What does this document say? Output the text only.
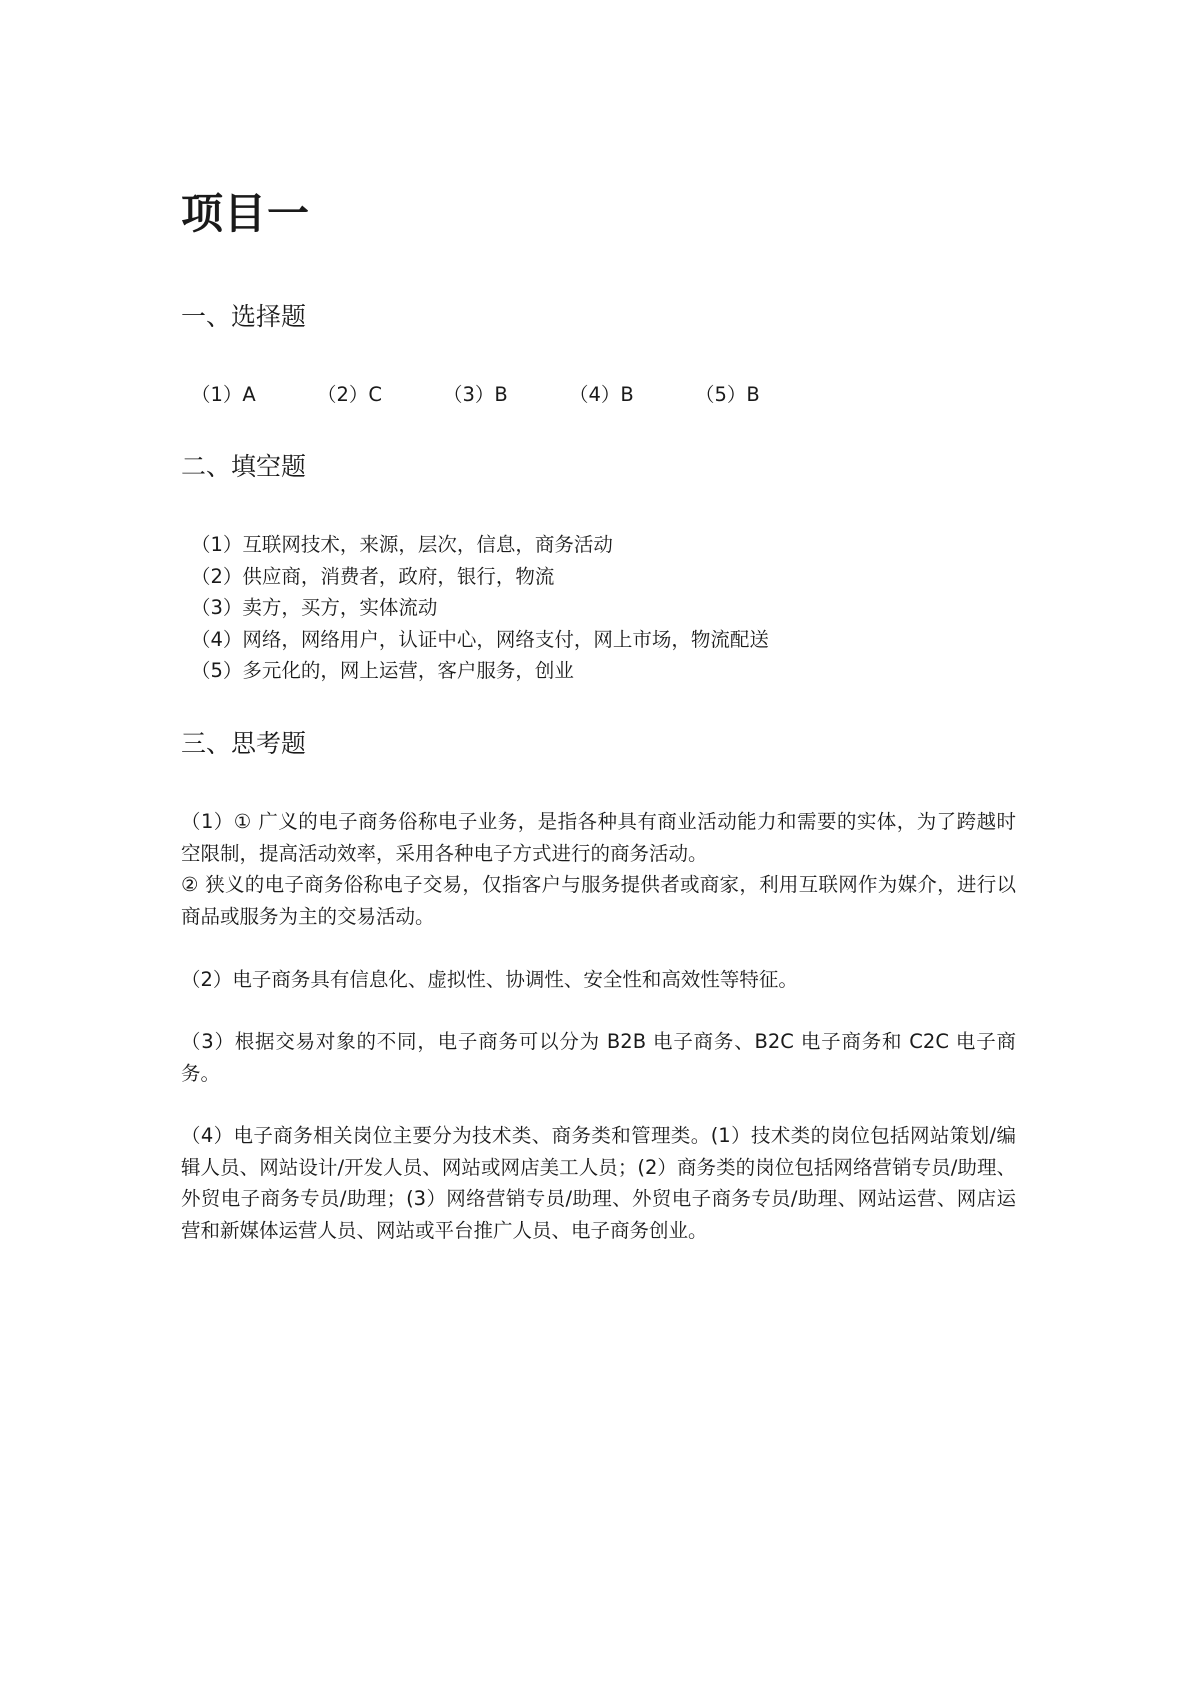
项目一
一、选择题
（1）A	（2）C	（3）B	（4）B	（5）B
二、填空题
（1）互联网技术，来源，层次，信息，商务活动
（2）供应商，消费者，政府，银行，物流
（3）卖方，买方，实体流动
（4）网络，网络用户，认证中心，网络支付，网上市场，物流配送
（5）多元化的，网上运营，客户服务，创业
三、思考题

（1）① 广义的电子商务俗称电子业务，是指各种具有商业活动能力和需要的实体，为了跨越时空限制，提高活动效率，采用各种电子方式进行的商务活动。

② 狭义的电子商务俗称电子交易，仅指客户与服务提供者或商家，利用互联网作为媒介，进行以商品或服务为主的交易活动。

（2）电子商务具有信息化、虚拟性、协调性、安全性和高效性等特征。

（3）根据交易对象的不同，电子商务可以分为 B2B 电子商务、B2C 电子商务和 C2C 电子商务。

（4）电子商务相关岗位主要分为技术类、商务类和管理类。(1）技术类的岗位包括网站策划/编辑人员、网站设计/开发人员、网站或网店美工人员；(2）商务类的岗位包括网络营销专员/助理、外贸电子商务专员/助理；(3）网络营销专员/助理、外贸电子商务专员/助理、网站运营、网店运营和新媒体运营人员、网站或平台推广人员、电子商务创业。
